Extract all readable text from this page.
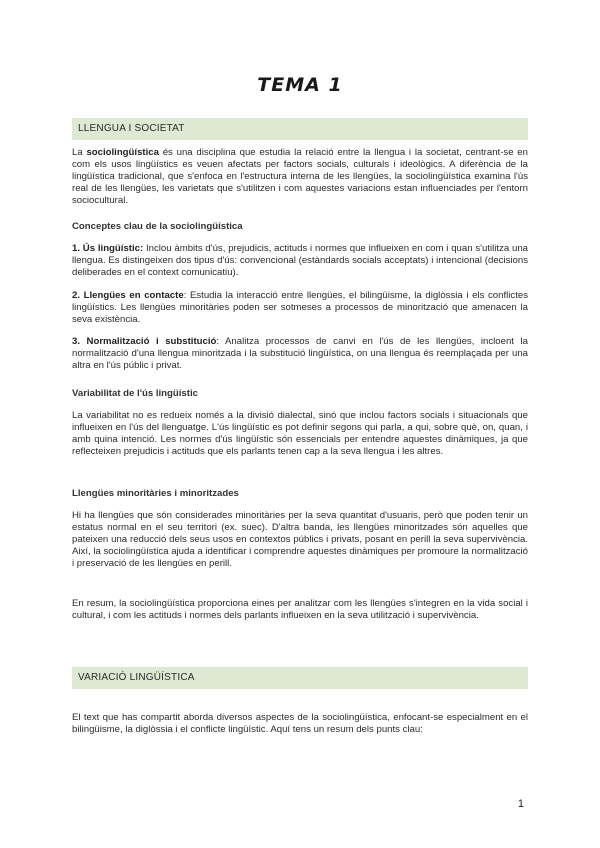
TEMA 1
LLENGUA I SOCIETAT

La sociolingüística és una disciplina que estudia la relació entre la llengua i la societat, centrant-se en com els usos lingüístics es veuen afectats per factors socials, culturals i ideològics. A diferència de la lingüística tradicional, que s'enfoca en l'estructura interna de les llengües, la sociolingüística examina l'ús real de les llengües, les varietats que s'utilitzen i com aquestes variacions estan influenciades per l'entorn sociocultural.

Conceptes clau de la sociolingüística

1. Ús lingüístic: Inclou àmbits d'ús, prejudicis, actituds i normes que influeixen en com i quan s'utilitza una llengua. Es distingeixen dos tipus d'ús: convencional (estàndards socials acceptats) i intencional (decisions deliberades en el context comunicatiu).

2. Llengües en contacte: Estudia la interacció entre llengües, el bilingüisme, la diglòssia i els conflictes lingüístics. Les llengües minoritàries poden ser sotmeses a processos de minorització que amenacen la seva existència.

3. Normalització i substitució: Analitza processos de canvi en l'ús de les llengües, incloent la normalització d'una llengua minoritzada i la substitució lingüística, on una llengua és reemplaçada per una altra en l'ús públic i privat.

Variabilitat de l'ús lingüístic

La variabilitat no es redueix només a la divisió dialectal, sinó que inclou factors socials i situacionals que influeixen en l'ús del llenguatge. L'ús lingüístic es pot definir segons qui parla, a qui, sobre què, on, quan, i amb quina intenció. Les normes d'ús lingüístic són essencials per entendre aquestes dinàmiques, ja que reflecteixen prejudicis i actituds que els parlants tenen cap a la seva llengua i les altres.

Llengües minoritàries i minoritzades

Hi ha llengües que són considerades minoritàries per la seva quantitat d'usuaris, però que poden tenir un estatus normal en el seu territori (ex. suec). D'altra banda, les llengües minoritzades són aquelles que pateixen una reducció dels seus usos en contextos públics i privats, posant en perill la seva supervivència. Així, la sociolingüística ajuda a identificar i comprendre aquestes dinàmiques per promoure la normalització i preservació de les llengües en perill.

En resum, la sociolingüística proporciona eines per analitzar com les llengües s'integren en la vida social i cultural, i com les actituds i normes dels parlants influeixen en la seva utilització i supervivència.

VARIACIÓ LINGÜÍSTICA

El text que has compartit aborda diversos aspectes de la sociolingüística, enfocant-se especialment en el bilingüisme, la diglòssia i el conflicte lingüístic. Aquí tens un resum dels punts clau:

1
